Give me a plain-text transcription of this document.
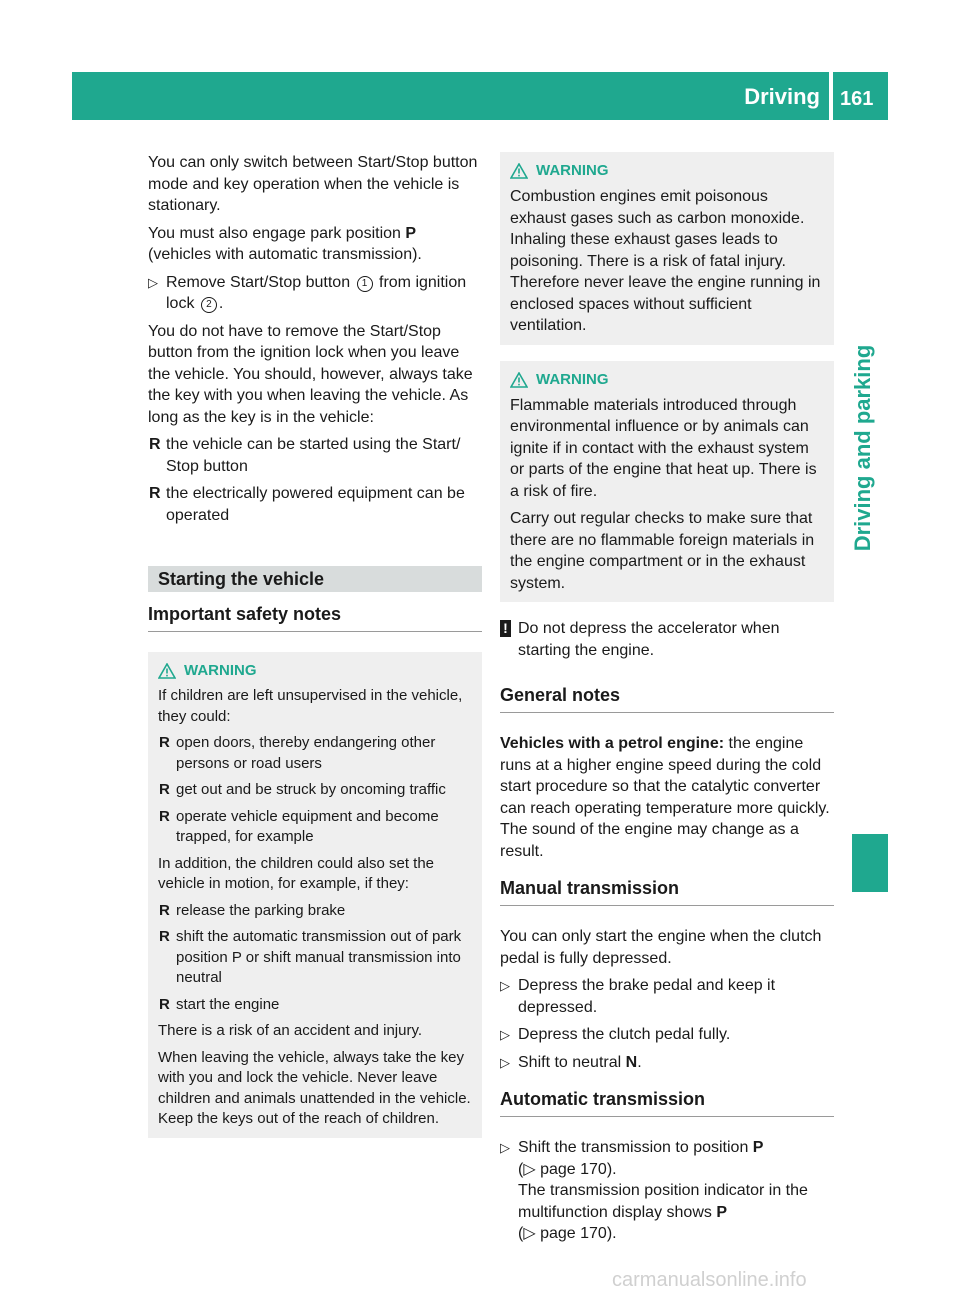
Driving 161
Driving and parking

You can only switch between Start/Stop button mode and key operation when the vehicle is stationary.

You must also engage park position P (vehicles with automatic transmission).

▷ Remove Start/Stop button 1 from ignition lock 2 .

You do not have to remove the Start/Stop button from the ignition lock when you leave the vehicle. You should, however, always take the key with you when leaving the vehicle. As long as the key is in the vehicle:

R the vehicle can be started using the Start/ Stop button
R the electrically powered equipment can be operated
Starting the vehicle
Important safety notes
WARNING

If children are left unsupervised in the vehicle, they could:

R open doors, thereby endangering other persons or road users
R get out and be struck by oncoming traffic
R operate vehicle equipment and become trapped, for example

In addition, the children could also set the vehicle in motion, for example, if they:

R release the parking brake
R shift the automatic transmission out of park position P or shift manual transmission into neutral
R start the engine

There is a risk of an accident and injury.

When leaving the vehicle, always take the key with you and lock the vehicle. Never leave children and animals unattended in the vehicle. Keep the keys out of the reach of children.

WARNING

Combustion engines emit poisonous exhaust gases such as carbon monoxide. Inhaling these exhaust gases leads to poisoning. There is a risk of fatal injury. Therefore never leave the engine running in enclosed spaces without sufficient ventilation.

WARNING

Flammable materials introduced through environmental influence or by animals can ignite if in contact with the exhaust system or parts of the engine that heat up. There is a risk of fire.

Carry out regular checks to make sure that there are no flammable foreign materials in the engine compartment or in the exhaust system.

! Do not depress the accelerator when starting the engine.
General notes

Vehicles with a petrol engine: the engine runs at a higher engine speed during the cold start procedure so that the catalytic converter can reach operating temperature more quickly. The sound of the engine may change as a result.

Manual transmission

You can only start the engine when the clutch pedal is fully depressed.

▷ Depress the brake pedal and keep it depressed.
▷ Depress the clutch pedal fully.
▷ Shift to neutral N.
Automatic transmission
▷ Shift the transmission to position P
(▷ page 170).
The transmission position indicator in the multifunction display shows P
(▷ page 170).
carmanualsonline.info
